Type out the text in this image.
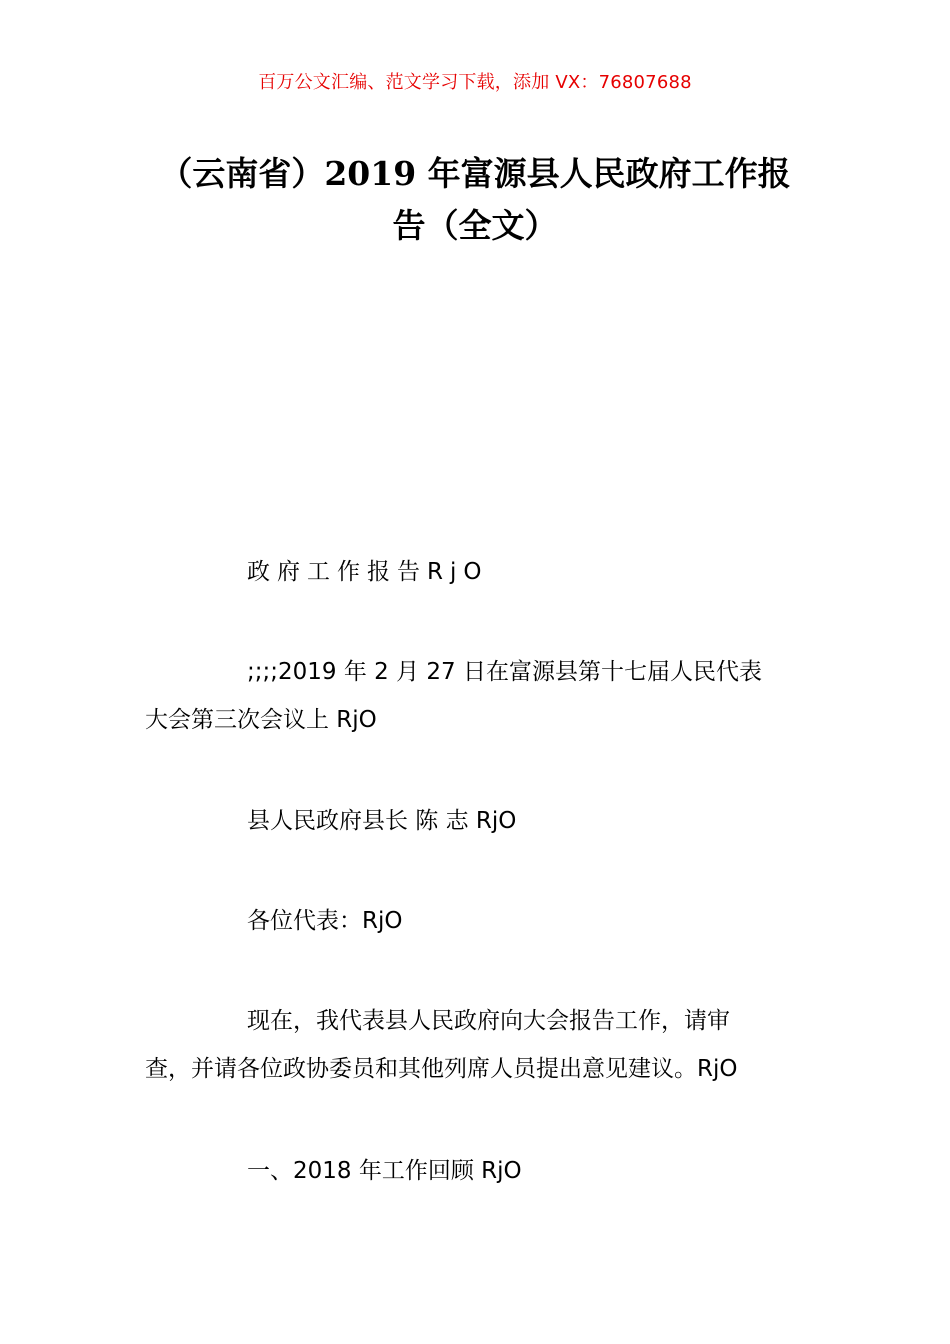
百万公文汇编、范文学习下载，添加 VX：76807688
（云南省）2019 年富源县人民政府工作报
告（全文）
政府工作报告RjO
;;;;2019 年 2 月 27 日在富源县第十七届人民代表
大会第三次会议上 RjO
县人民政府县长 陈 志 RjO
各位代表：RjO
现在，我代表县人民政府向大会报告工作，请审
查，并请各位政协委员和其他列席人员提出意见建议。RjO
一、2018 年工作回顾 RjO
